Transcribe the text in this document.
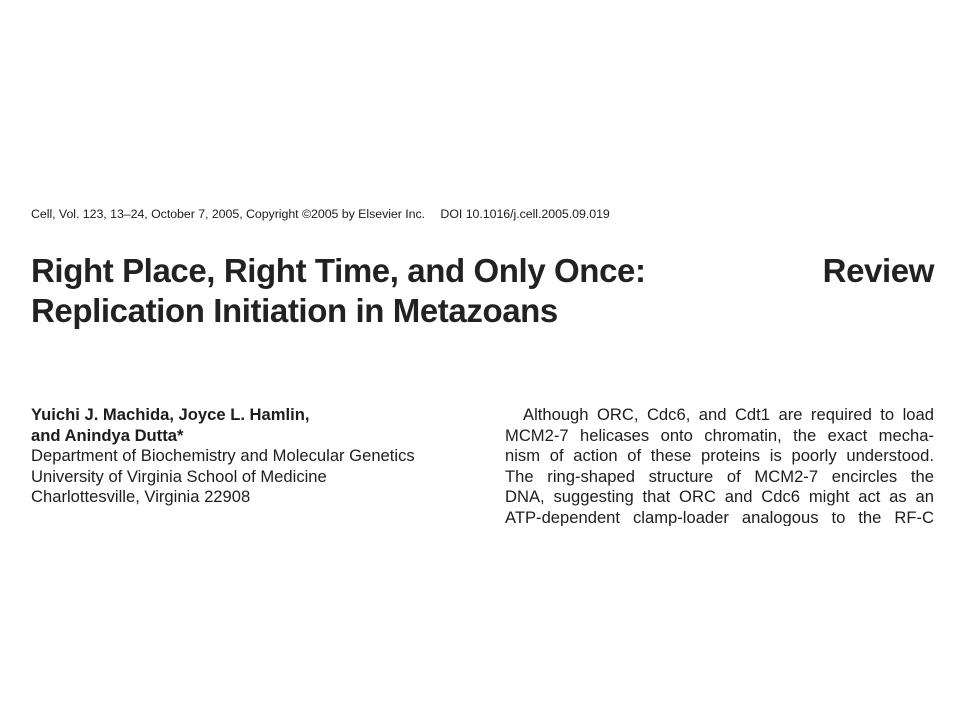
Cell, Vol. 123, 13–24, October 7, 2005, Copyright ©2005 by Elsevier Inc. DOI 10.1016/j.cell.2005.09.019
Right Place, Right Time, and Only Once:
Replication Initiation in Metazoans
Review
Yuichi J. Machida, Joyce L. Hamlin,
and Anindya Dutta*
Department of Biochemistry and Molecular Genetics
University of Virginia School of Medicine
Charlottesville, Virginia 22908
Although ORC, Cdc6, and Cdt1 are required to load
MCM2-7 helicases onto chromatin, the exact mecha-
nism of action of these proteins is poorly understood.
The ring-shaped structure of MCM2-7 encircles the
DNA, suggesting that ORC and Cdc6 might act as an
ATP-dependent clamp-loader analogous to the RF-C
